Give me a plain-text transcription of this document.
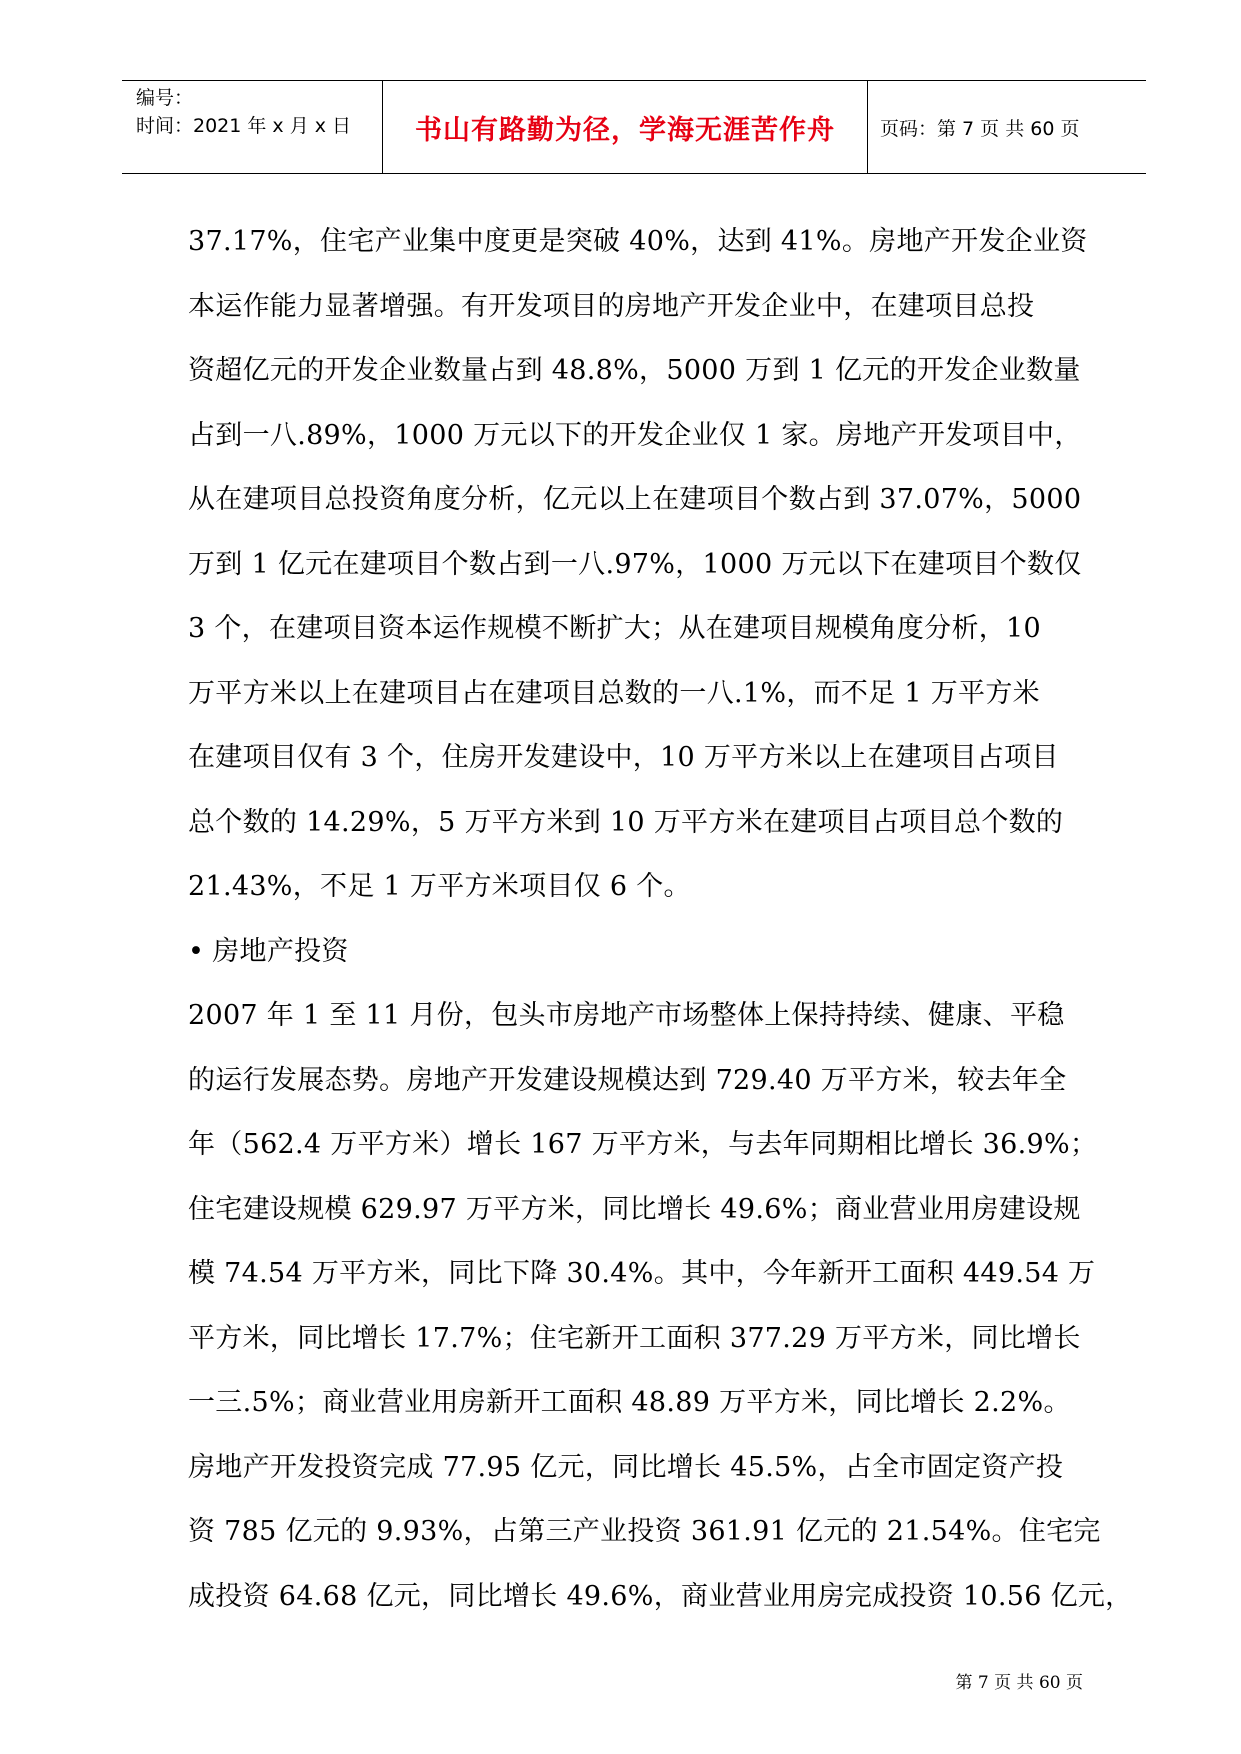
编号：
时间：2021 年 x 月 x 日 书山有路勤为径，学海无涯苦作舟 页码：第 7 页 共 60 页
37.17%，住宅产业集中度更是突破 40%，达到 41%。房地产开发企业资
本运作能力显著增强。有开发项目的房地产开发企业中，在建项目总投
资超亿元的开发企业数量占到 48.8%，5000 万到 1 亿元的开发企业数量
占到一八.89%，1000 万元以下的开发企业仅 1 家。房地产开发项目中，
从在建项目总投资角度分析，亿元以上在建项目个数占到 37.07%，5000
万到 1 亿元在建项目个数占到一八.97%，1000 万元以下在建项目个数仅
3 个，在建项目资本运作规模不断扩大；从在建项目规模角度分析，10
万平方米以上在建项目占在建项目总数的一八.1%，而不足 1 万平方米
在建项目仅有 3 个，住房开发建设中，10 万平方米以上在建项目占项目
总个数的 14.29%，5 万平方米到 10 万平方米在建项目占项目总个数的
21.43%，不足 1 万平方米项目仅 6 个。
• 房地产投资
2007 年 1 至 11 月份，包头市房地产市场整体上保持持续、健康、平稳
的运行发展态势。房地产开发建设规模达到 729.40 万平方米，较去年全
年（562.4 万平方米）增长 167 万平方米，与去年同期相比增长 36.9%；
住宅建设规模 629.97 万平方米，同比增长 49.6%；商业营业用房建设规
模 74.54 万平方米，同比下降 30.4%。其中，今年新开工面积 449.54 万
平方米，同比增长 17.7%；住宅新开工面积 377.29 万平方米，同比增长
一三.5%；商业营业用房新开工面积 48.89 万平方米，同比增长 2.2%。
房地产开发投资完成 77.95 亿元，同比增长 45.5%，占全市固定资产投
资 785 亿元的 9.93%，占第三产业投资 361.91 亿元的 21.54%。住宅完
成投资 64.68 亿元，同比增长 49.6%，商业营业用房完成投资 10.56 亿元，
第 7 页 共 60 页
